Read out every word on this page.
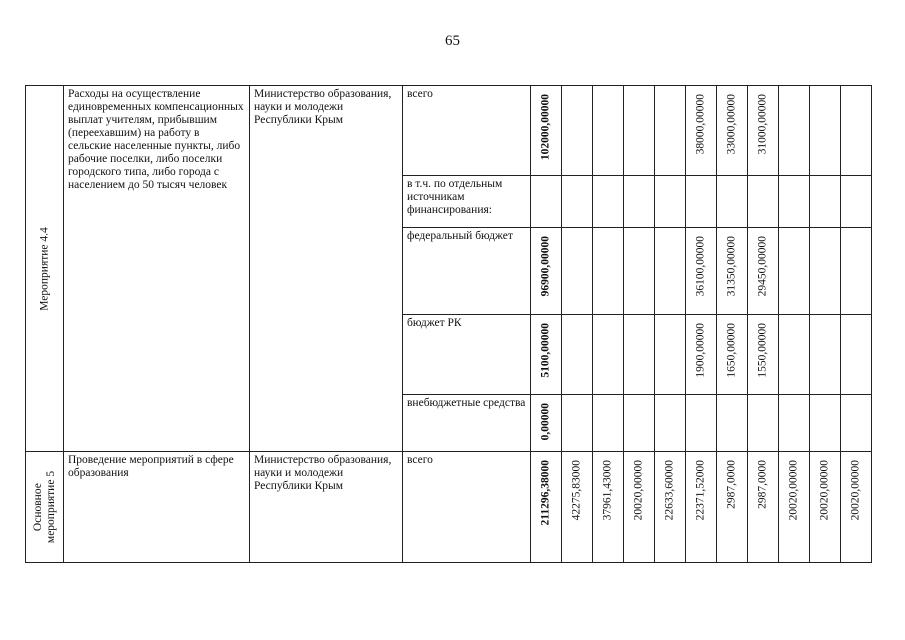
65
Мероприятие 4.4	Расходы на осуществление единовременных компенсационных выплат учителям, прибывшим (переехавшим) на работу в сельские населенные пункты, либо рабочие поселки, либо поселки городского типа, либо города с населением до 50 тысяч человек	Министерство образования, науки и молодежи Республики Крым	всего	102000,00000					38000,00000	33000,00000	31000,00000			

			в т.ч. по отдельным источникам финансирования:											

			федеральный бюджет	96900,00000					36100,00000	31350,00000	29450,00000			

			бюджет РК	5100,00000					1900,00000	1650,00000	1550,00000			

			внебюджетные средства	0,00000										

Основное мероприятие 5	Проведение мероприятий в сфере образования	Министерство образования, науки и молодежи Республики Крым	всего	211296,38000	42275,83000	37961,43000	20020,00000	22633,60000	22371,52000	2987,0000	2987,0000	20020,00000	20020,00000	20020,00000
